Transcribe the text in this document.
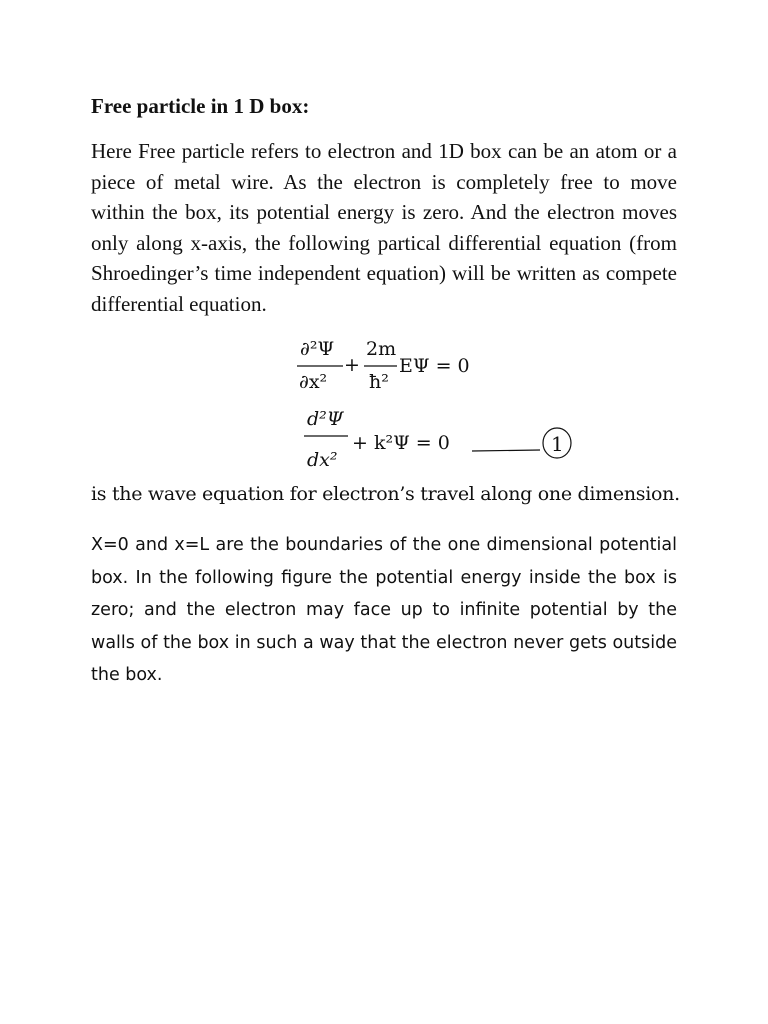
Free particle in 1 D box:

Here Free particle refers to electron and 1D box can be an atom or a piece of metal wire. As the electron is completely free to move within the box, its potential energy is zero. And the electron moves only along x-axis, the following partical differential equation (from Shroedinger’s time independent equation) will be written as compete differential equation.

∂²Ψ
∂x²
+
2m
ħ²
EΨ = 0
d²Ψ
dx²
+ k²Ψ = 0	1

is the wave equation for electron’s travel along one dimension.

X=0 and x=L are the boundaries of the one dimensional potential box. In the following figure the potential energy inside the box is zero; and the electron may face up to infinite potential by the walls of the box in such a way that the electron never gets outside the box.
